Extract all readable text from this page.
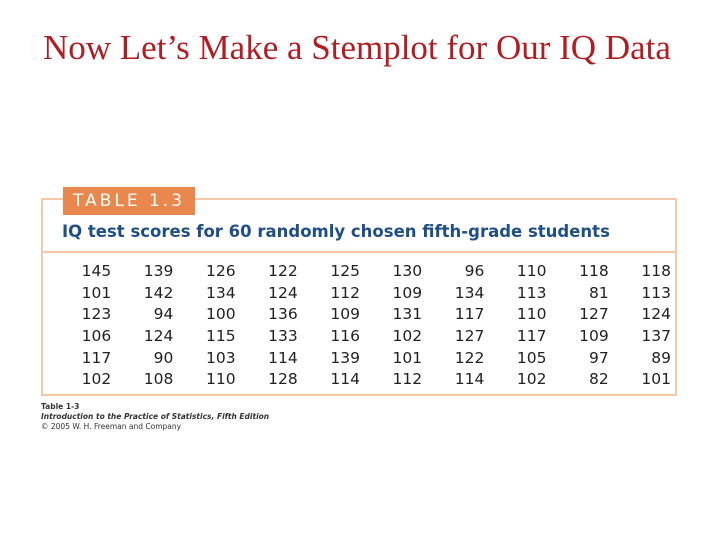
Now Let’s Make a Stemplot for Our IQ Data
TABLE 1.3
IQ test scores for 60 randomly chosen fifth-grade students
145	139	126	122	125	130	96	110	118	118
101	142	134	124	112	109	134	113	81	113
123	94	100	136	109	131	117	110	127	124
106	124	115	133	116	102	127	117	109	137
117	90	103	114	139	101	122	105	97	89
102	108	110	128	114	112	114	102	82	101
Table 1-3
Introduction to the Practice of Statistics, Fifth Edition
© 2005 W. H. Freeman and Company
